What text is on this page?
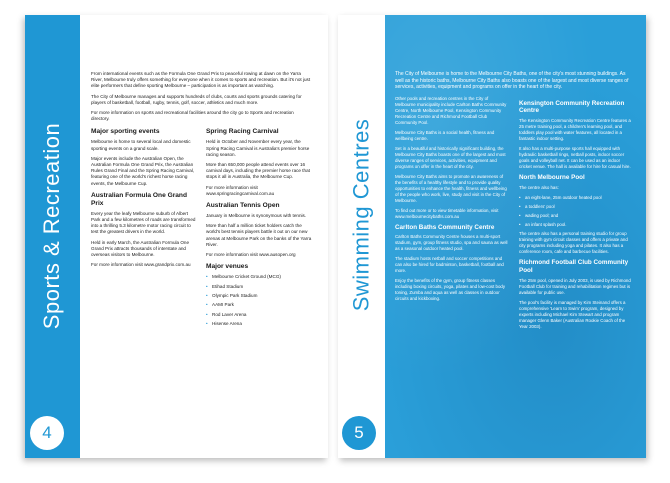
Sports & Recreation
4

From international events such as the Formula One Grand Prix to peaceful rowing at dawn on the Yarra River, Melbourne truly offers something for everyone when it comes to sports and recreation. But it's not just elite performers that define sporting Melbourne – participation is as important as watching.

The City of Melbourne manages and supports hundreds of clubs, courts and sports grounds catering for players of basketball, football, rugby, tennis, golf, soccer, athletics and much more.

For more information on sports and recreational facilities around the city go to Sports and recreation directory.

Major sporting events

Melbourne is home to several local and domestic sporting events on a grand scale.

Major events include the Australian Open, the Australian Formula One Grand Prix, the Australian Rules Grand Final and the Spring Racing Carnival, featuring one of the world's richest horse racing events, the Melbourne Cup.

Australian Formula One Grand Prix

Every year the leafy Melbourne suburb of Albert Park and a few kilometres of roads are transformed into a thrilling 5.3 kilometre motor racing circuit to test the greatest drivers in the world.

Held in early March, the Australian Formula One Grand Prix attracts thousands of interstate and overseas visitors to Melbourne.

For more information visit www.grandprix.com.au

Spring Racing Carnival

Held in October and November every year, the Spring Racing Carnival is Australia's premier horse racing season.

More than 650,000 people attend events over 16 carnival days, including the premier horse race that stops it all in Australia, the Melbourne Cup.

For more information visit www.springracingcarnival.com.au

Australian Tennis Open

January in Melbourne is synonymous with tennis.

More than half a million ticket holders catch the world's best tennis players battle it out on our new arenas at Melbourne Park on the banks of the Yarra River.

For more information visit www.ausopen.org

Major venues
• Melbourne Cricket Ground (MCG)
• Etihad Stadium
• Olympic Park Stadium
• AAMI Park
• Rod Laver Arena
• Hisense Arena
Swimming Centres
5

The City of Melbourne is home to the Melbourne City Baths, one of the city's most stunning buildings. As well as the historic baths, Melbourne City Baths also boasts one of the largest and most diverse ranges of services, activities, equipment and programs on offer in the heart of the city.

Other pools and recreation centres in the City of Melbourne municipality include Carlton Baths Community Centre, North Melbourne Pool, Kensington Community Recreation Centre and Richmond Football Club Community Pool.

Melbourne City Baths is a social health, fitness and wellbeing centre.

Set in a beautiful and historically significant building, the Melbourne City Baths boasts one of the largest and most diverse ranges of services, activities, equipment and programs on offer in the heart of the city.

Melbourne City Baths aims to promote an awareness of the benefits of a healthy lifestyle and to provide quality opportunities to enhance the health, fitness and wellbeing of the people who work, live, study and visit in the City of Melbourne.

To find out more or to view timetable information, visit www.melbournecitybaths.com.au

Carlton Baths Community Centre

Carlton Baths Community Centre houses a multi-sport stadium, gym, group fitness studio, spa and sauna as well as a seasonal outdoor heated pool.

The stadium hosts netball and soccer competitions and can also be hired for badminton, basketball, football and more.

Enjoy the benefits of the gym, group fitness classes including boxing circuits, yoga, pilates and low-cost body toning, Zumba and aqua as well as classes in outdoor circuits and kickboxing.

Kensington Community Recreation Centre

The Kensington Community Recreation Centre features a 25 metre training pool, a children's learning pool, and toddlers play pool with water features, all located in a fantastic indoor setting.

It also has a multi-purpose sports hall equipped with hydraulic basketball rings, netball posts, indoor soccer goals and volleyball net. It can be used as an indoor cricket venue. The hall is available for hire for casual hire.

North Melbourne Pool

The centre also has:

• an eight-lane, 25m outdoor heated pool
• a toddlers' pool
• wading pool; and
• an infant splash pool.

The centre also has a personal training studio for group training with gym circuit classes and offers a private and city programs including yoga and pilates. It also has a conference room, cafe and barbecue facilities.

Richmond Football Club Community Pool

The 25m pool, opened in July 2003, is used by Richmond Football Club for training and rehabilitation regimes but is available for public use.

The pool's facility is managed by Kim Steinand offers a comprehensive 'Learn to Swim' program, designed by experts including Michael Kim Stewart and program manager Glenn Baker (Australian Rookie Coach of the Year 2003).
